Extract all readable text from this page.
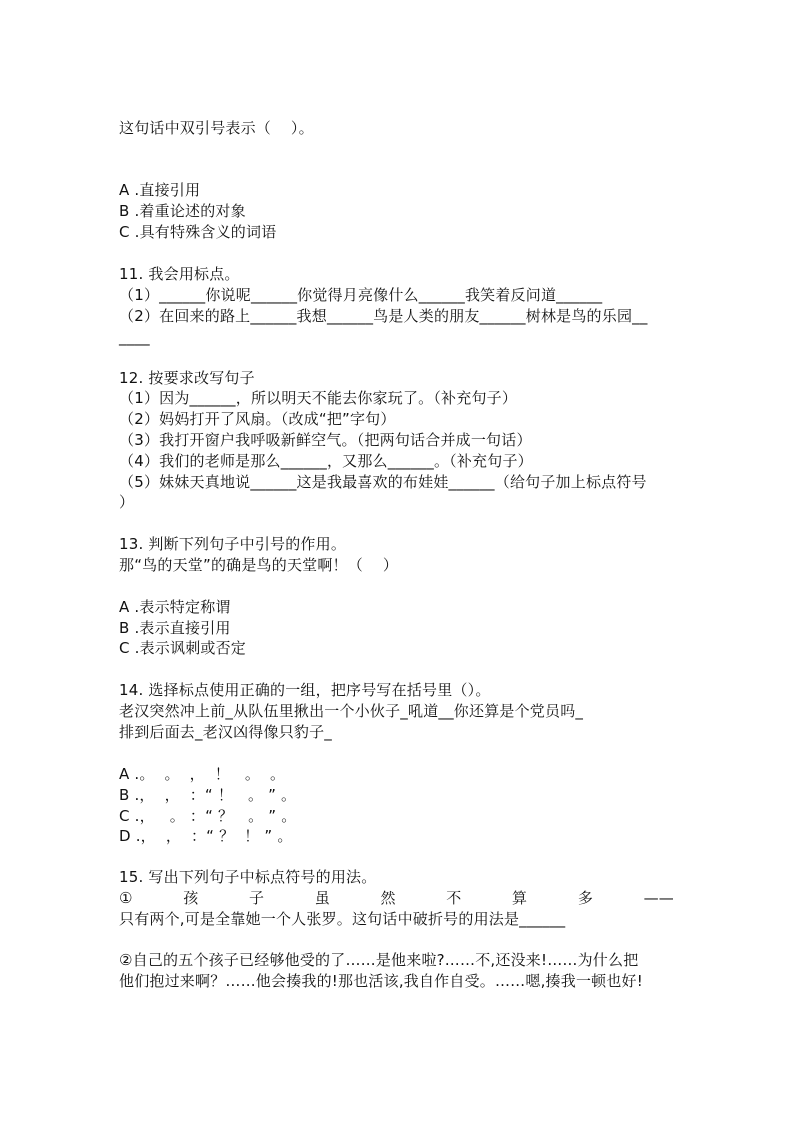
这句话中双引号表示（    ）。
A .直接引用
B .着重论述的对象
C .具有特殊含义的词语
11. 我会用标点。
（1）______你说呢______你觉得月亮像什么______我笑着反问道______
（2）在回来的路上______我想______鸟是人类的朋友______树林是鸟的乐园__
____
12. 按要求改写句子
（1）因为______，所以明天不能去你家玩了。（补充句子）
（2）妈妈打开了风扇。（改成“把”字句）
（3）我打开窗户我呼吸新鲜空气。（把两句话合并成一句话）
（4）我们的老师是那么______，又那么______。（补充句子）
（5）妹妹天真地说______这是我最喜欢的布娃娃______（给句子加上标点符号
）
13. 判断下列句子中引号的作用。
那“鸟的天堂”的确是鸟的天堂啊！（    ）
A .表示特定称谓
B .表示直接引用
C .表示讽刺或否定
14. 选择标点使用正确的一组，把序号写在括号里（）。
老汉突然冲上前_从队伍里揪出一个小伙子_吼道__你还算是个党员吗_
排到后面去_老汉凶得像只豹子_
A .。  。  ，  ！   。  。
B .，  ，  ：“ ！   。 ” 。
C .，   。 ：“ ？   。 ” 。
D .，  ，  ：“ ？  ！ ” 。
15. 写出下列句子中标点符号的用法。
①	孩	子	虽	然	不	算	多	——
只有两个,可是全靠她一个人张罗。这句话中破折号的用法是______
②自己的五个孩子已经够他受的了……是他来啦?……不,还没来!……为什么把
他们抱过来啊？……他会揍我的!那也活该,我自作自受。……嗯,揍我一顿也好!
